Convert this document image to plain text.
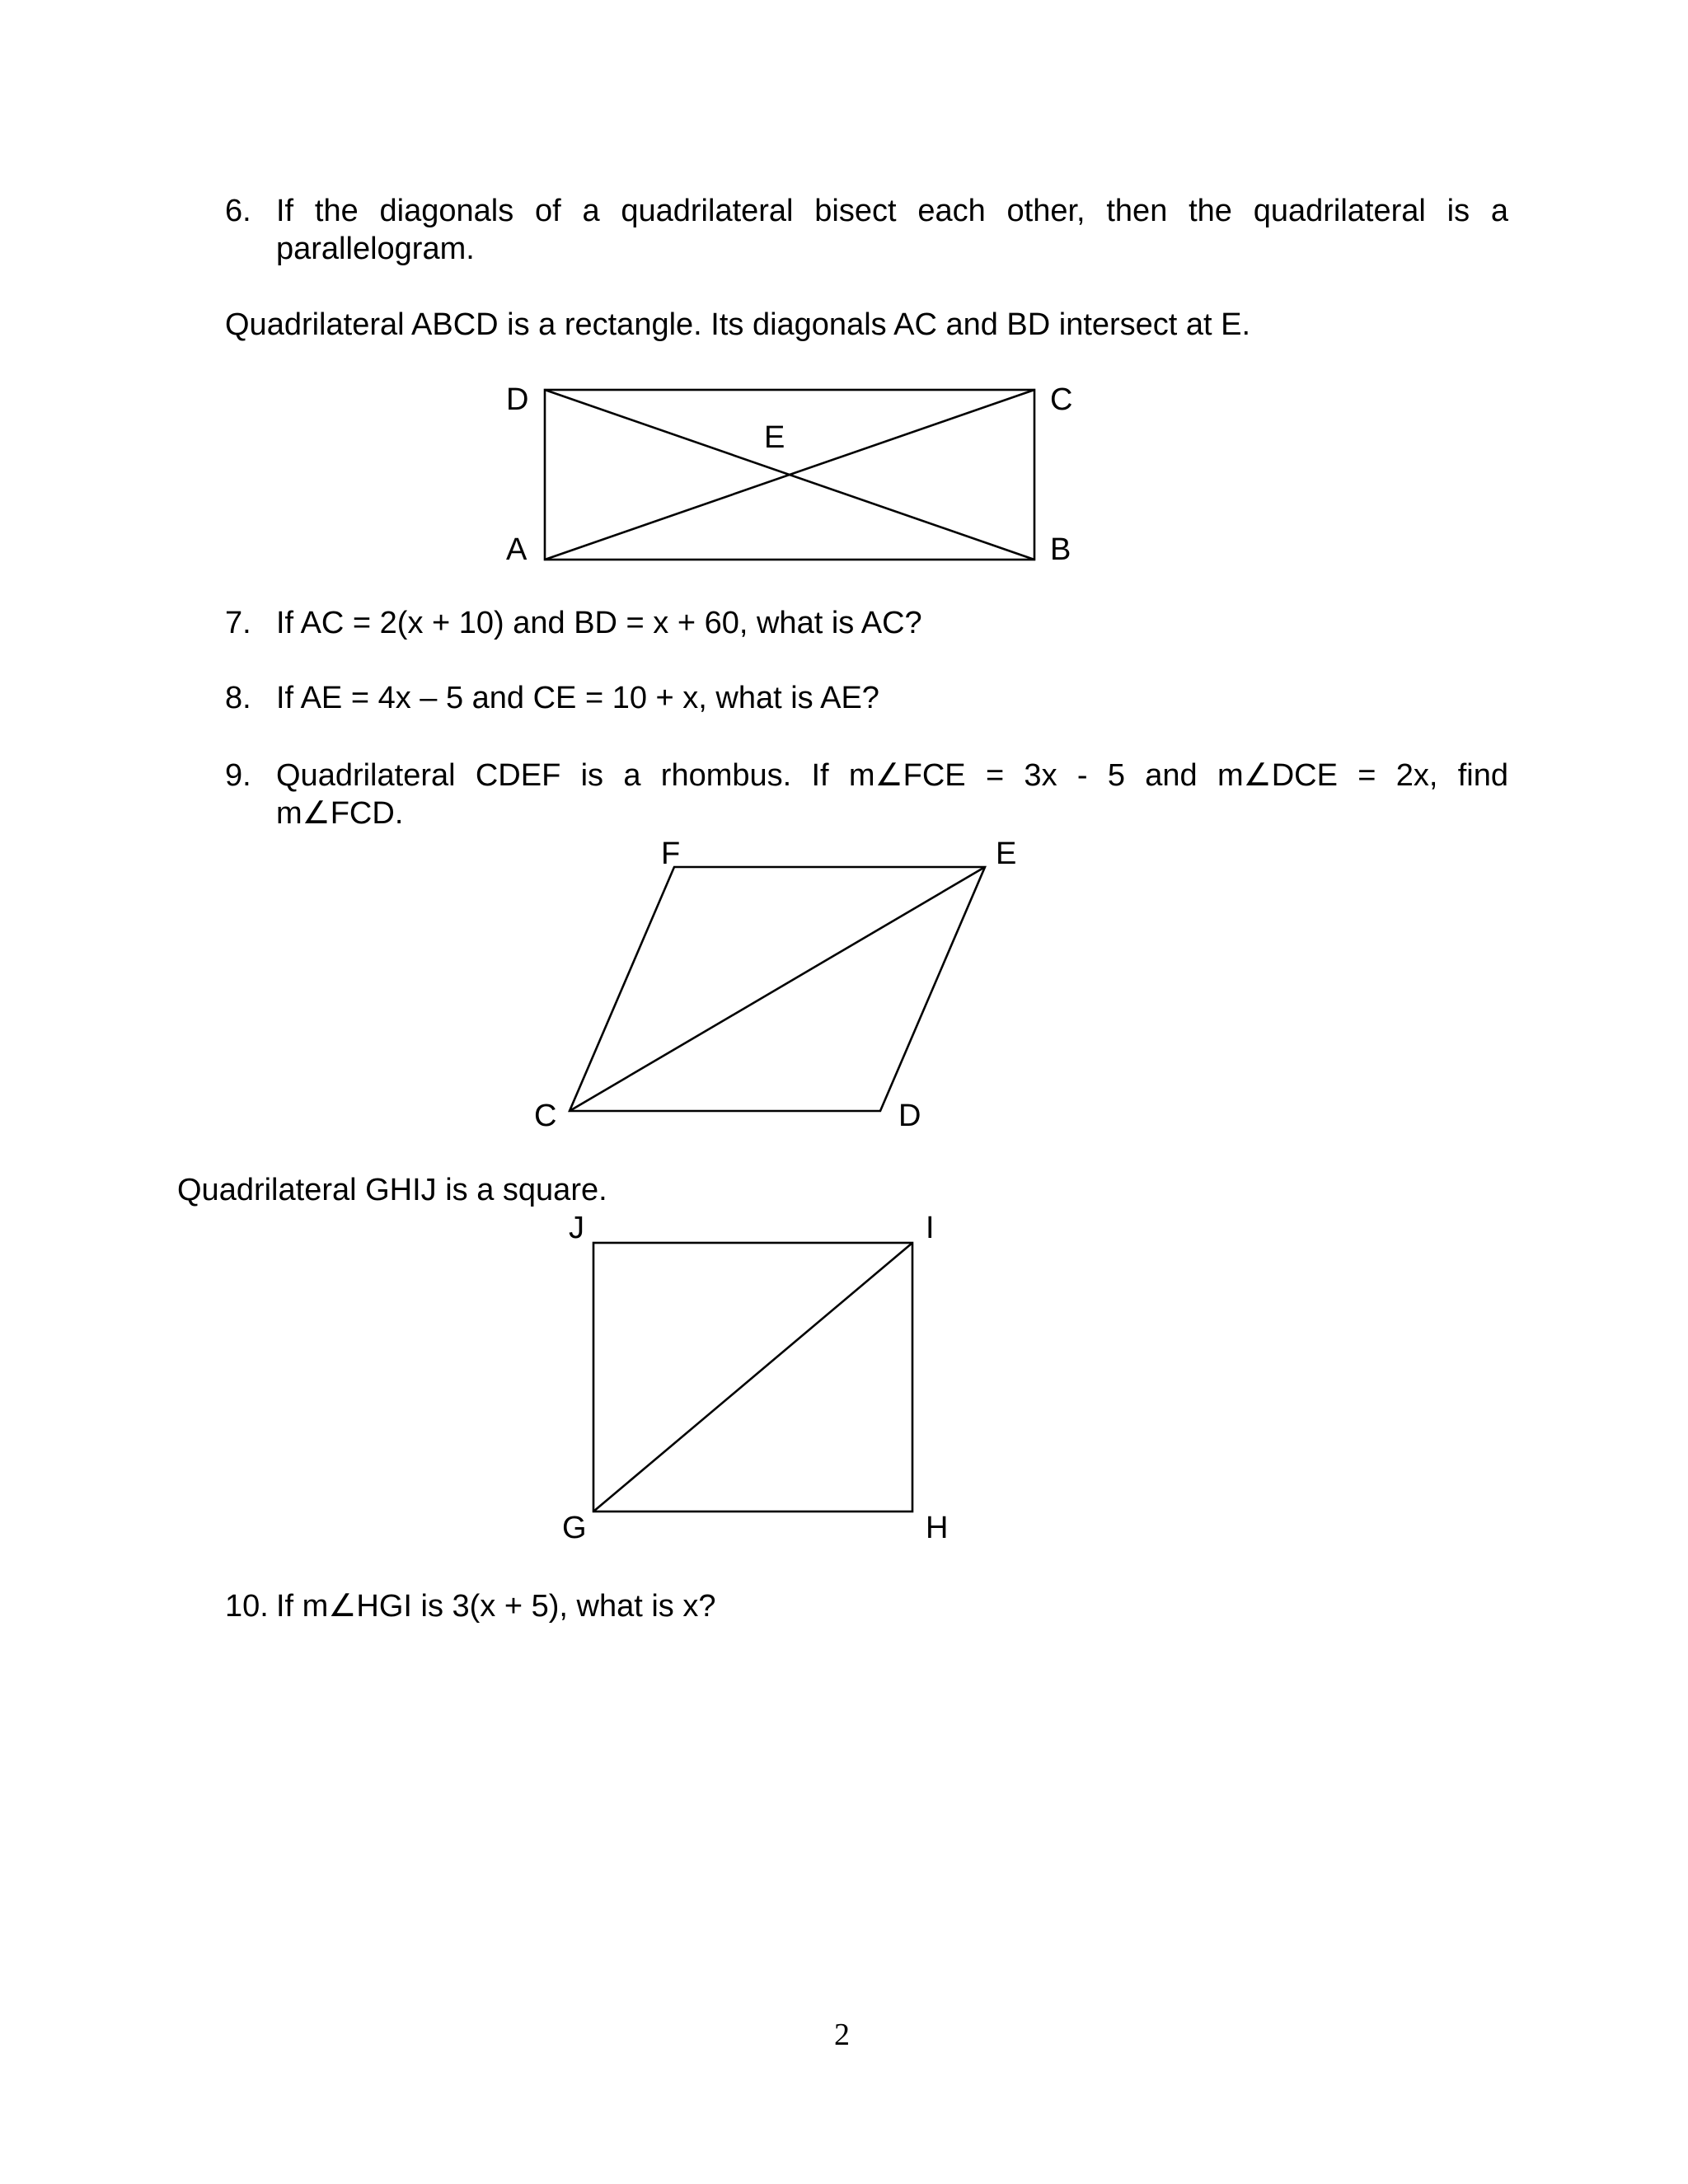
6. If the diagonals of a quadrilateral bisect each other, then the quadrilateral is a
parallelogram.
Quadrilateral ABCD is a rectangle. Its diagonals AC and BD intersect at E.
7. If AC = 2(x + 10) and BD = x + 60, what is AC?
8. If AE = 4x – 5 and CE = 10 + x, what is AE?
9. Quadrilateral CDEF is a rhombus. If m∠FCE = 3x - 5 and m∠DCE = 2x, find
m∠FCD.
Quadrilateral GHIJ is a square.
10. If m∠HGI is 3(x + 5), what is x?
D	C
E
A	B
F	E
C	D
J	I
G	H
2
